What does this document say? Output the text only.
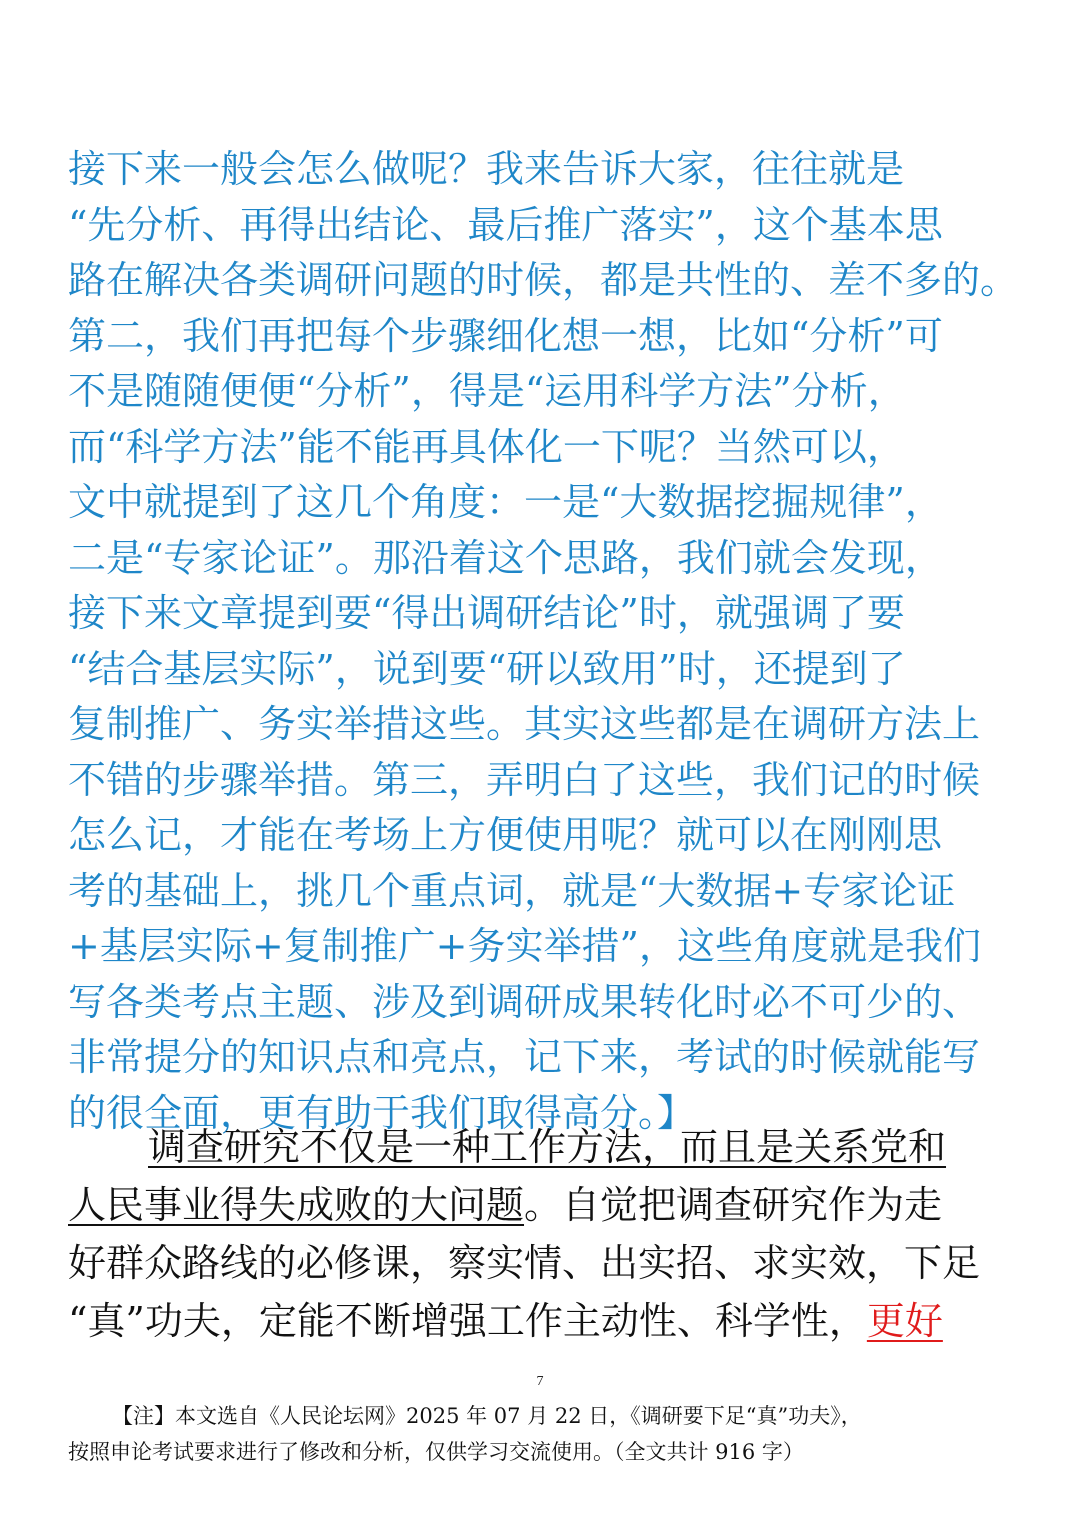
接下来一般会怎么做呢？我来告诉大家，往往就是
“先分析、再得出结论、最后推广落实”，这个基本思
路在解决各类调研问题的时候，都是共性的、差不多的。
第二，我们再把每个步骤细化想一想，比如“分析”可
不是随随便便“分析”，得是“运用科学方法”分析，
而“科学方法”能不能再具体化一下呢？当然可以，
文中就提到了这几个角度：一是“大数据挖掘规律”，
二是“专家论证”。那沿着这个思路，我们就会发现，
接下来文章提到要“得出调研结论”时，就强调了要
“结合基层实际”，说到要“研以致用”时，还提到了
复制推广、务实举措这些。其实这些都是在调研方法上
不错的步骤举措。第三，弄明白了这些，我们记的时候
怎么记，才能在考场上方便使用呢？就可以在刚刚思
考的基础上，挑几个重点词，就是“大数据+专家论证
+基层实际+复制推广+务实举措”，这些角度就是我们
写各类考点主题、涉及到调研成果转化时必不可少的、
非常提分的知识点和亮点，记下来，考试的时候就能写
的很全面，更有助于我们取得高分。】
调查研究不仅是一种工作方法，而且是关系党和
人民事业得失成败的大问题。自觉把调查研究作为走
好群众路线的必修课，察实情、出实招、求实效，下足
“真”功夫，定能不断增强工作主动性、科学性，更好
7
【注】本文选自《人民论坛网》2025 年 07 月 22 日，《调研要下足“真”功夫》，
按照申论考试要求进行了修改和分析，仅供学习交流使用。（全文共计 916 字）
